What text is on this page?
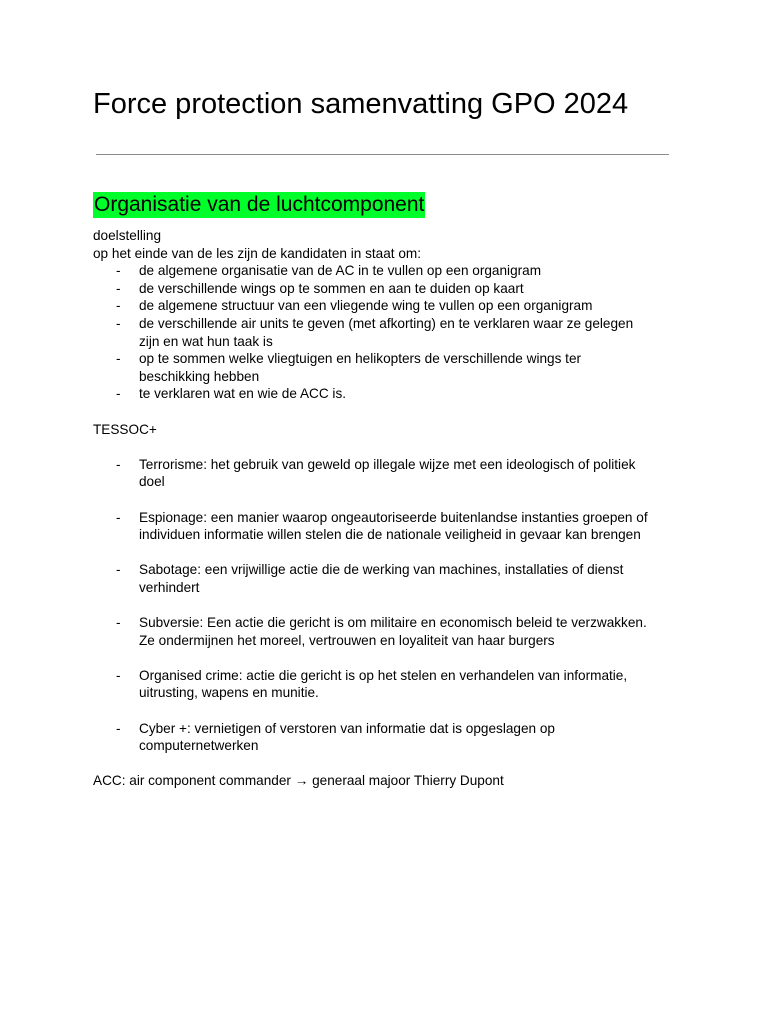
Force protection samenvatting GPO 2024
Organisatie van de luchtcomponent

doelstelling

op het einde van de les zijn de kandidaten in staat om:

- de algemene organisatie van de AC in te vullen op een organigram
- de verschillende wings op te sommen en aan te duiden op kaart
- de algemene structuur van een vliegende wing te vullen op een organigram
- de verschillende air units te geven (met afkorting) en te verklaren waar ze gelegen
zijn en wat hun taak is
- op te sommen welke vliegtuigen en helikopters de verschillende wings ter
beschikking hebben
- te verklaren wat en wie de ACC is.

TESSOC+

- Terrorisme: het gebruik van geweld op illegale wijze met een ideologisch of politiek
doel
- Espionage: een manier waarop ongeautoriseerde buitenlandse instanties groepen of
individuen informatie willen stelen die de nationale veiligheid in gevaar kan brengen
- Sabotage: een vrijwillige actie die de werking van machines, installaties of dienst
verhindert
- Subversie: Een actie die gericht is om militaire en economisch beleid te verzwakken.
Ze ondermijnen het moreel, vertrouwen en loyaliteit van haar burgers
- Organised crime: actie die gericht is op het stelen en verhandelen van informatie,
uitrusting, wapens en munitie.
- Cyber +: vernietigen of verstoren van informatie dat is opgeslagen op
computernetwerken

ACC: air component commander → generaal majoor Thierry Dupont
